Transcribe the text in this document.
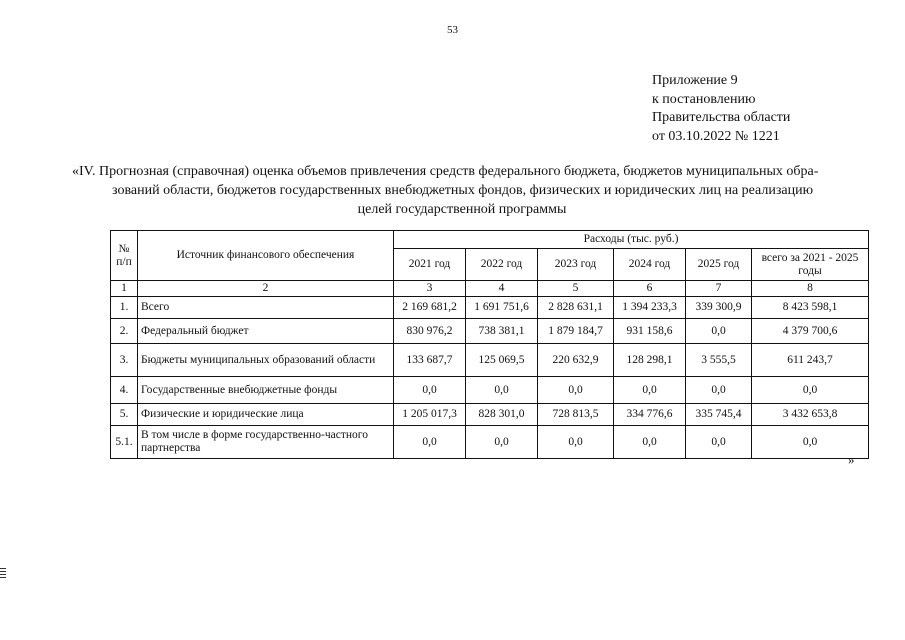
53
Приложение 9
к постановлению
Правительства области
от 03.10.2022 № 1221
«IV. Прогнозная (справочная) оценка объемов привлечения средств федерального бюджета, бюджетов муниципальных обра-
зований области, бюджетов государственных внебюджетных фондов, физических и юридических лиц на реализацию
целей государственной программы
№ п/п	Источник финансового обеспечения	Расходы (тыс. руб.)					
		2021 год	2022 год	2023 год	2024 год	2025 год	всего за 2021 - 2025 годы
1	2	3	4	5	6	7	8
1.	Всего	2 169 681,2	1 691 751,6	2 828 631,1	1 394 233,3	339 300,9	8 423 598,1
2.	Федеральный бюджет	830 976,2	738 381,1	1 879 184,7	931 158,6	0,0	4 379 700,6
3.	Бюджеты муниципальных образований области	133 687,7	125 069,5	220 632,9	128 298,1	3 555,5	611 243,7
4.	Государственные внебюджетные фонды	0,0	0,0	0,0	0,0	0,0	0,0
5.	Физические и юридические лица	1 205 017,3	828 301,0	728 813,5	334 776,6	335 745,4	3 432 653,8
5.1.	В том числе в форме государственно-частного партнерства	0,0	0,0	0,0	0,0	0,0	0,0
»
